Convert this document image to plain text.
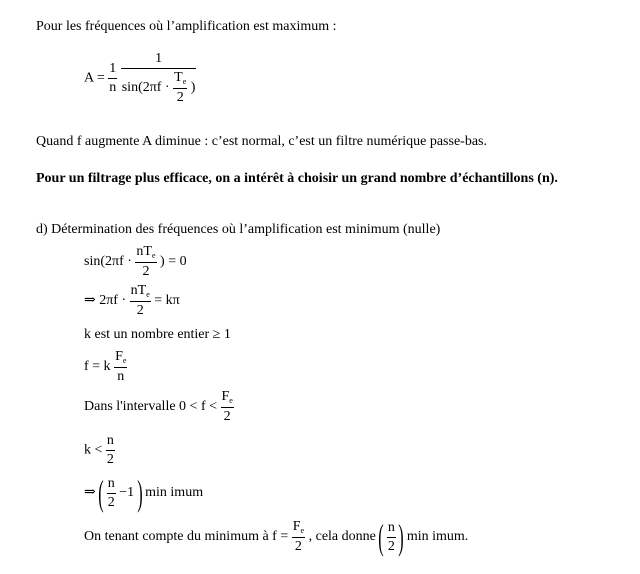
Pour les fréquences où l’amplification est maximum :
$A = \frac{1}{n}$
$\frac{1}{\sin(2\pi f \cdot \frac{T_e}{2} )}$
Quand f augmente A diminue : c’est normal, c’est un filtre numérique passe-bas.
Pour un filtrage plus efficace, on a intérêt à choisir un grand nombre d’échantillons (n).
d) Détermination des fréquences où l’amplification est minimum (nulle)
$\sin(2\pi f \cdot \frac{nT_e}{2}$ ) = 0
⇒ $2\pi f \cdot \frac{nT_e}{2} = k\pi$
k est un nombre entier ≥ 1
f = k $\frac{F_e}{n}$
Dans l'intervalle $0 < f < \frac{F_e}{2}$
$k < \frac{n}{2}$
⇒ ( $\frac{n}{2} -1$ ) min imum
On tenant compte du minimum à $f = \frac{F_e}{2}$ , cela donne ( $\frac{n}{2}$ ) min imum.
